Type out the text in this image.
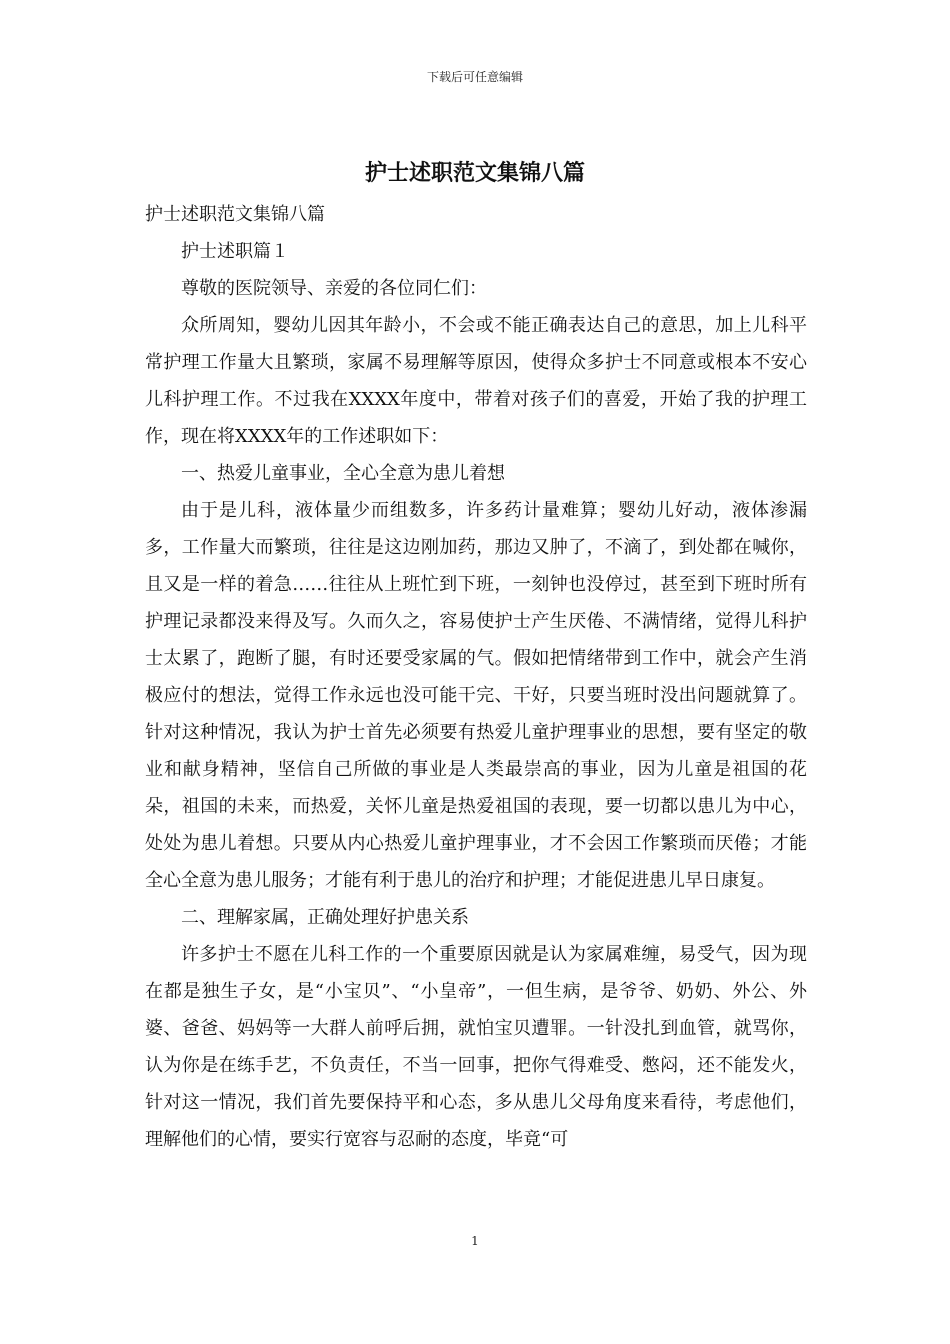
下载后可任意编辑
护士述职范文集锦八篇

护士述职范文集锦八篇

护士述职篇１

尊敬的医院领导、亲爱的各位同仁们：

众所周知，婴幼儿因其年龄小，不会或不能正确表达自己的意思，加上儿科平常护理工作量大且繁琐，家属不易理解等原因，使得众多护士不同意或根本不安心儿科护理工作。不过我在XXXX年度中，带着对孩子们的喜爱，开始了我的护理工作，现在将XXXX年的工作述职如下：

一、热爱儿童事业，全心全意为患儿着想

由于是儿科，液体量少而组数多，许多药计量难算；婴幼儿好动，液体渗漏多，工作量大而繁琐，往往是这边刚加药，那边又肿了，不滴了，到处都在喊你，且又是一样的着急……往往从上班忙到下班，一刻钟也没停过，甚至到下班时所有护理记录都没来得及写。久而久之，容易使护士产生厌倦、不满情绪，觉得儿科护士太累了，跑断了腿，有时还要受家属的气。假如把情绪带到工作中，就会产生消极应付的想法，觉得工作永远也没可能干完、干好，只要当班时没出问题就算了。针对这种情况，我认为护士首先必须要有热爱儿童护理事业的思想，要有坚定的敬业和献身精神，坚信自己所做的事业是人类最崇高的事业，因为儿童是祖国的花朵，祖国的未来，而热爱，关怀儿童是热爱祖国的表现，要一切都以患儿为中心，处处为患儿着想。只要从内心热爱儿童护理事业，才不会因工作繁琐而厌倦；才能全心全意为患儿服务；才能有利于患儿的治疗和护理；才能促进患儿早日康复。

二、理解家属，正确处理好护患关系

许多护士不愿在儿科工作的一个重要原因就是认为家属难缠，易受气，因为现在都是独生子女，是“小宝贝”、“小皇帝”，一但生病，是爷爷、奶奶、外公、外婆、爸爸、妈妈等一大群人前呼后拥，就怕宝贝遭罪。一针没扎到血管，就骂你，认为你是在练手艺，不负责任，不当一回事，把你气得难受、憋闷，还不能发火，针对这一情况，我们首先要保持平和心态，多从患儿父母角度来看待，考虑他们，理解他们的心情，要实行宽容与忍耐的态度，毕竟“可

1
